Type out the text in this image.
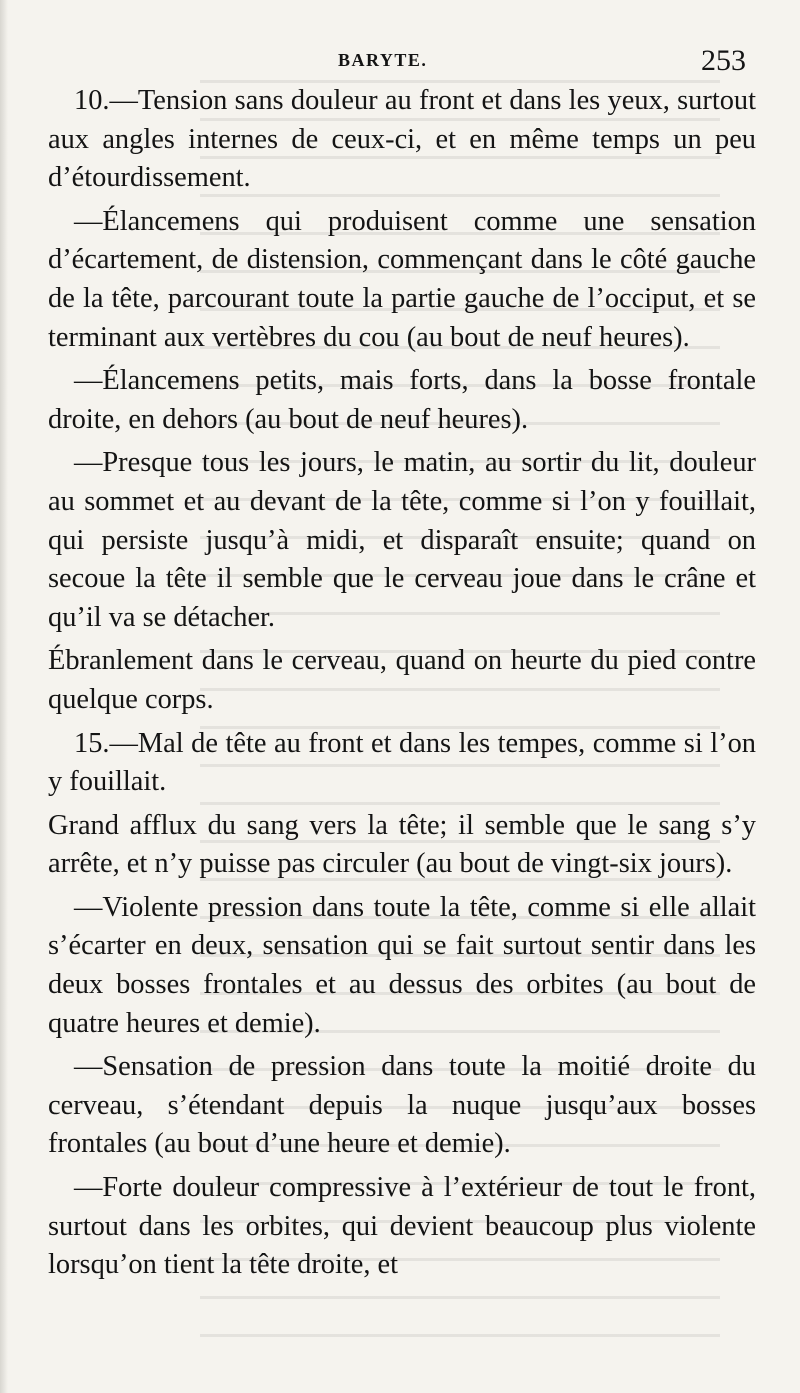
BARYTE.	253

10.—Tension sans douleur au front et dans les yeux, surtout aux angles internes de ceux-ci, et en même temps un peu d’étourdissement.

—Élancemens qui produisent comme une sensation d’écartement, de distension, commençant dans le côté gauche de la tête, parcourant toute la partie gauche de l’occiput, et se terminant aux vertèbres du cou (au bout de neuf heures).

—Élancemens petits, mais forts, dans la bosse frontale droite, en dehors (au bout de neuf heures).

—Presque tous les jours, le matin, au sortir du lit, douleur au sommet et au devant de la tête, comme si l’on y fouillait, qui persiste jusqu’à midi, et disparaît ensuite; quand on secoue la tête il semble que le cerveau joue dans le crâne et qu’il va se détacher.

Ébranlement dans le cerveau, quand on heurte du pied contre quelque corps.

15.—Mal de tête au front et dans les tempes, comme si l’on y fouillait.

Grand afflux du sang vers la tête; il semble que le sang s’y arrête, et n’y puisse pas circuler (au bout de vingt-six jours).

—Violente pression dans toute la tête, comme si elle allait s’écarter en deux, sensation qui se fait surtout sentir dans les deux bosses frontales et au dessus des orbites (au bout de quatre heures et demie).

—Sensation de pression dans toute la moitié droite du cerveau, s’étendant depuis la nuque jusqu’aux bosses frontales (au bout d’une heure et demie).

—Forte douleur compressive à l’extérieur de tout le front, surtout dans les orbites, qui devient beaucoup plus violente lorsqu’on tient la tête droite, et
